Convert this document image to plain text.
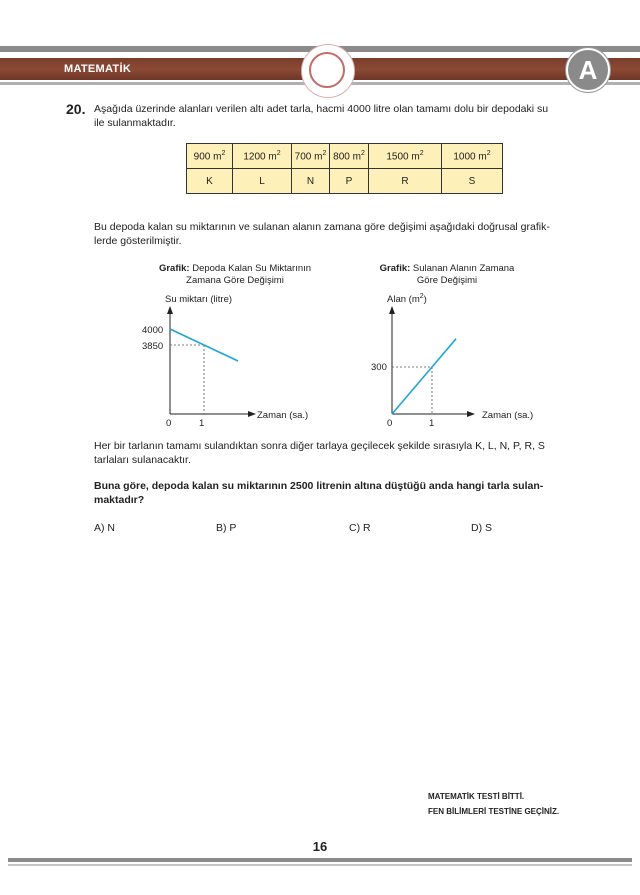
MATEMATİK	A
20. Aşağıda üzerinde alanları verilen altı adet tarla, hacmi 4000 litre olan tamamı dolu bir depodaki su
ile sulanmaktadır.
900 $m^2$	1200 $m^2$	700 $m^2$	800 $m^2$	1500 $m^2$	1000 $m^2$
K	L	N	P	R	S
Bu depoda kalan su miktarının ve sulanan alanın zamana göre değişimi aşağıdaki doğrusal grafik-
lerde gösterilmiştir.
Grafik: Depoda Kalan Su Miktarının
Zamana Göre Değişimi
Grafik: Sulanan Alanın Zamana
Göre Değişimi
Su miktarı (litre)
Zaman (sa.)
0	1
4000
3850
Alan $(m^2)$
Zaman (sa.)
0	1
300
Her bir tarlanın tamamı sulandıktan sonra diğer tarlaya geçilecek şekilde sırasıyla K, L, N, P, R, S
tarlaları sulanacaktır.
Buna göre, depoda kalan su miktarının 2500 litrenin altına düştüğü anda hangi tarla sulan-
maktadır?
A) N	B) P	C) R	D) S
MATEMATİK TESTİ BİTTİ.
FEN BİLİMLERİ TESTİNE GEÇİNİZ.
16
